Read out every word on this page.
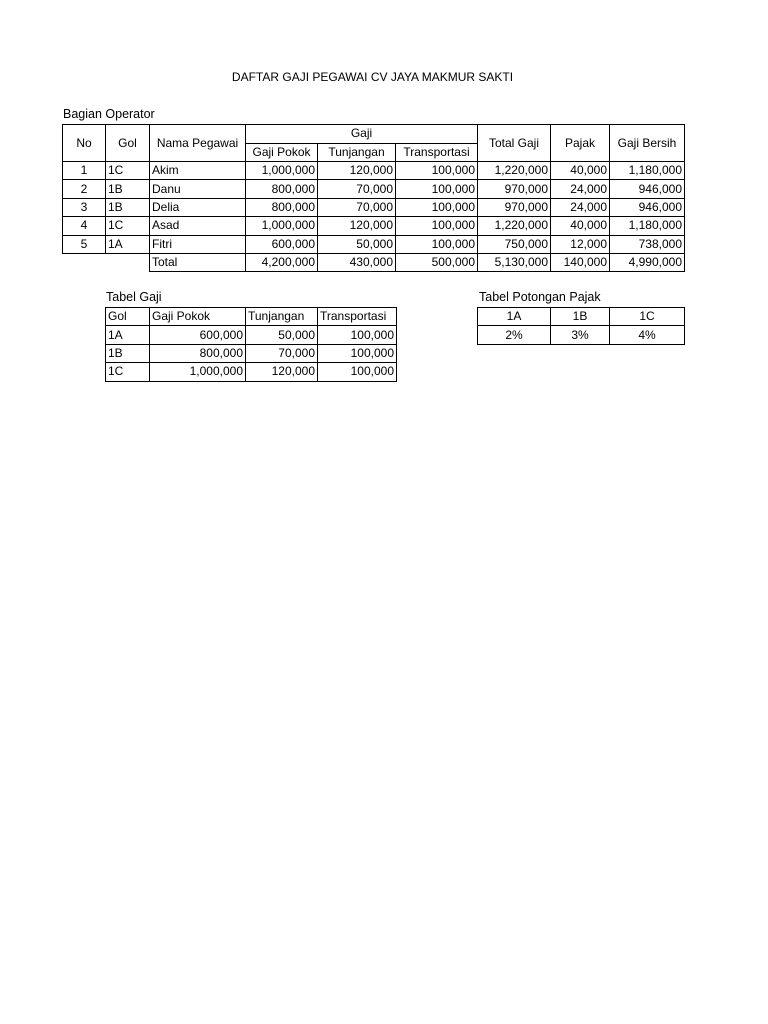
DAFTAR GAJI PEGAWAI CV JAYA MAKMUR SAKTI
Bagian Operator
No	Gol	Nama Pegawai	Gaji			Total Gaji	Pajak	Gaji Bersih
			Gaji Pokok	Tunjangan	Transportasi			
1	1C	Akim	1,000,000	120,000	100,000	1,220,000	40,000	1,180,000
2	1B	Danu	800,000	70,000	100,000	970,000	24,000	946,000
3	1B	Delia	800,000	70,000	100,000	970,000	24,000	946,000
4	1C	Asad	1,000,000	120,000	100,000	1,220,000	40,000	1,180,000
5	1A	Fitri	600,000	50,000	100,000	750,000	12,000	738,000
		Total	4,200,000	430,000	500,000	5,130,000	140,000	4,990,000
Tabel Gaji
Gol	Gaji Pokok	Tunjangan	Transportasi
1A	600,000	50,000	100,000
1B	800,000	70,000	100,000
1C	1,000,000	120,000	100,000
Tabel Potongan Pajak
1A	1B	1C
2%	3%	4%
